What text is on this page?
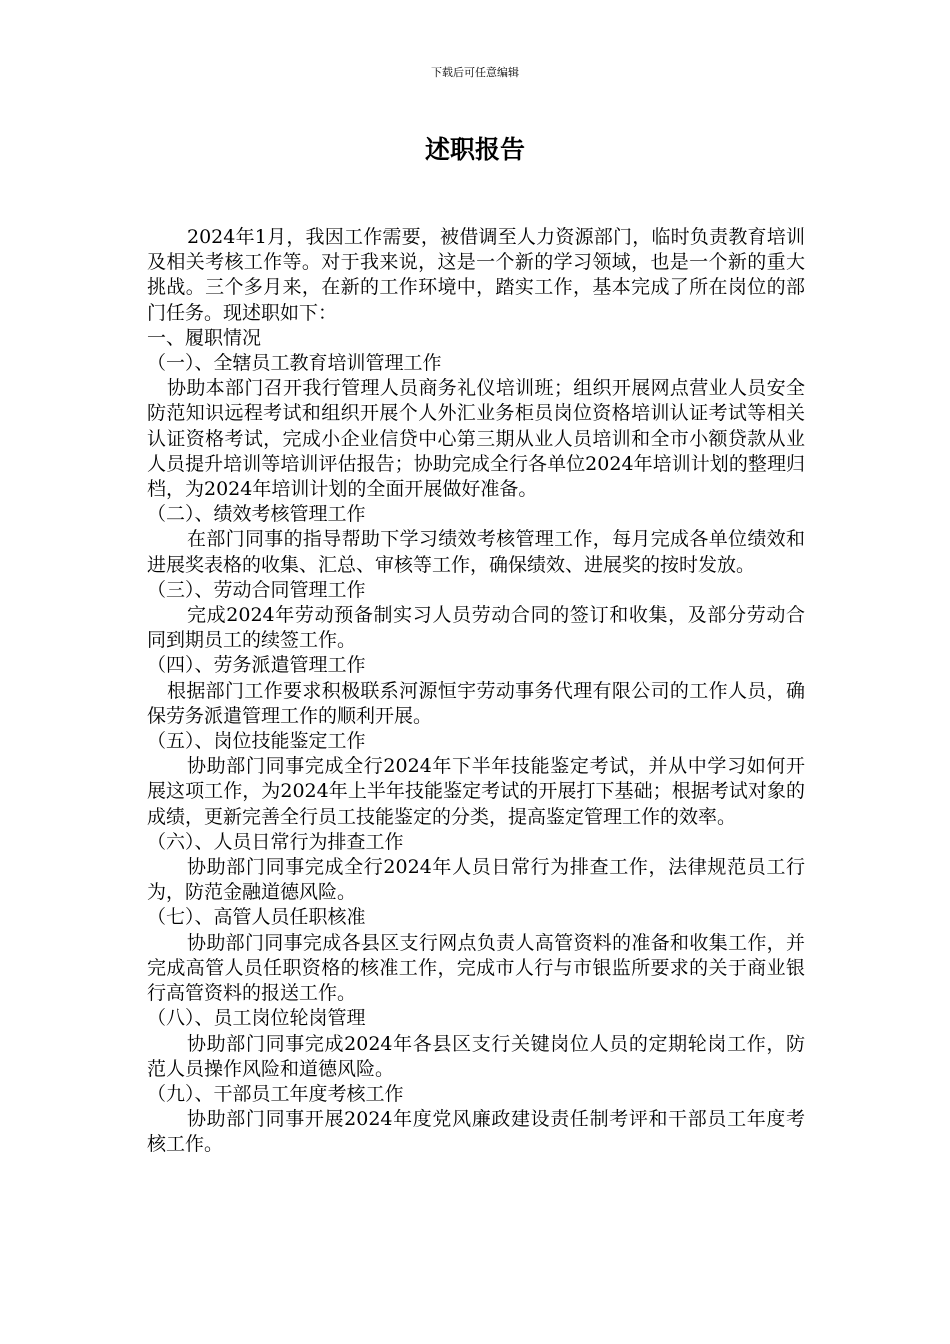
下载后可任意编辑
述职报告

2024年1月，我因工作需要，被借调至人力资源部门，临时负责教育培训及相关考核工作等。对于我来说，这是一个新的学习领域，也是一个新的重大挑战。三个多月来，在新的工作环境中，踏实工作，基本完成了所在岗位的部门任务。现述职如下：

一、履职情况

（一）、全辖员工教育培训管理工作

协助本部门召开我行管理人员商务礼仪培训班；组织开展网点营业人员安全防范知识远程考试和组织开展个人外汇业务柜员岗位资格培训认证考试等相关认证资格考试，完成小企业信贷中心第三期从业人员培训和全市小额贷款从业人员提升培训等培训评估报告；协助完成全行各单位2024年培训计划的整理归档，为2024年培训计划的全面开展做好准备。

（二）、绩效考核管理工作

在部门同事的指导帮助下学习绩效考核管理工作，每月完成各单位绩效和进展奖表格的收集、汇总、审核等工作，确保绩效、进展奖的按时发放。

（三）、劳动合同管理工作

完成2024年劳动预备制实习人员劳动合同的签订和收集，及部分劳动合同到期员工的续签工作。

（四）、劳务派遣管理工作

根据部门工作要求积极联系河源恒宇劳动事务代理有限公司的工作人员，确保劳务派遣管理工作的顺利开展。

（五）、岗位技能鉴定工作

协助部门同事完成全行2024年下半年技能鉴定考试，并从中学习如何开展这项工作，为2024年上半年技能鉴定考试的开展打下基础；根据考试对象的成绩，更新完善全行员工技能鉴定的分类，提高鉴定管理工作的效率。

（六）、人员日常行为排查工作

协助部门同事完成全行2024年人员日常行为排查工作，法律规范员工行为，防范金融道德风险。

（七）、高管人员任职核准

协助部门同事完成各县区支行网点负责人高管资料的准备和收集工作，并完成高管人员任职资格的核准工作，完成市人行与市银监所要求的关于商业银行高管资料的报送工作。

（八）、员工岗位轮岗管理

协助部门同事完成2024年各县区支行关键岗位人员的定期轮岗工作，防范人员操作风险和道德风险。

（九）、干部员工年度考核工作

协助部门同事开展2024年度党风廉政建设责任制考评和干部员工年度考核工作。
